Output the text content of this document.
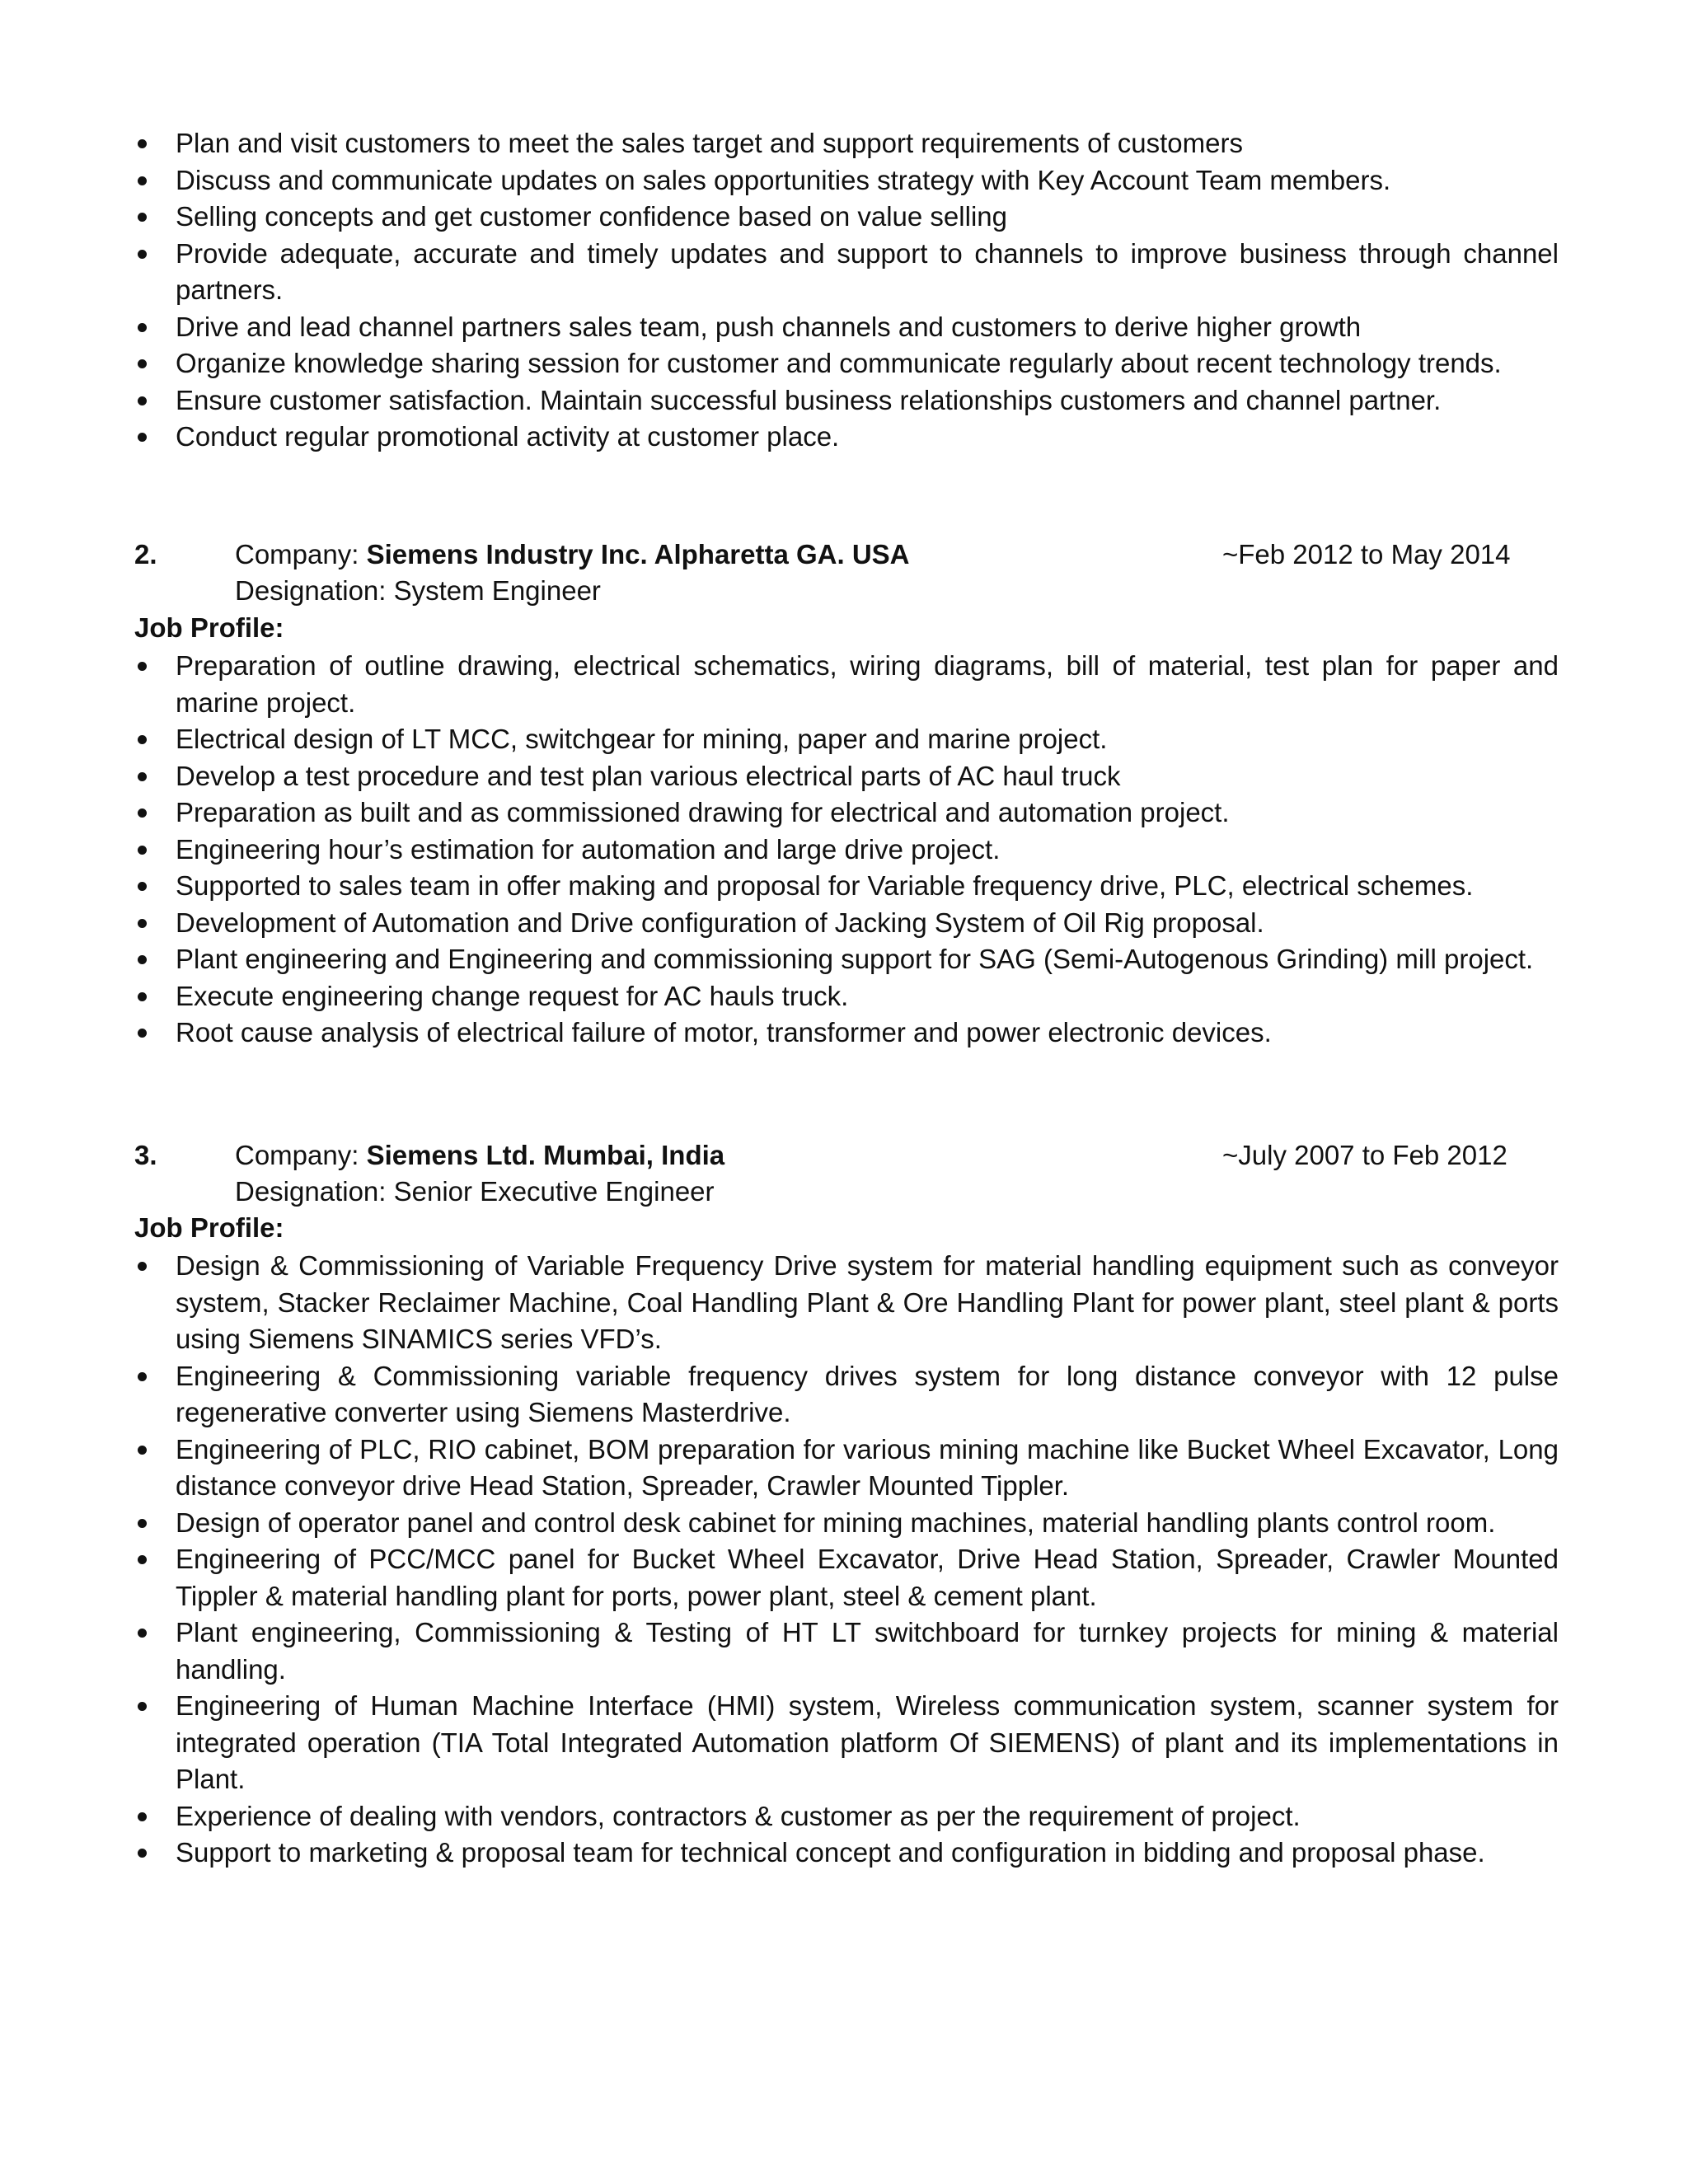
Plan and visit customers to meet the sales target and support requirements of customers
Discuss and communicate updates on sales opportunities strategy with Key Account Team members.
Selling concepts and get customer confidence based on value selling
Provide adequate, accurate and timely updates and support to channels to improve business through channel partners.
Drive and lead channel partners sales team, push channels and customers to derive higher growth
Organize knowledge sharing session for customer and communicate regularly about recent technology trends.
Ensure customer satisfaction. Maintain successful business relationships customers and channel partner.
Conduct regular promotional activity at customer place.
2.	Company: Siemens Industry Inc. Alpharetta GA. USA	~Feb 2012 to May 2014
Designation: System Engineer
Job Profile:
Preparation of outline drawing, electrical schematics, wiring diagrams, bill of material, test plan for paper and marine project.
Electrical design of LT MCC, switchgear for mining, paper and marine project.
Develop a test procedure and test plan various electrical parts of AC haul truck
Preparation as built and as commissioned drawing for electrical and automation project.
Engineering hour’s estimation for automation and large drive project.
Supported to sales team in offer making and proposal for Variable frequency drive, PLC, electrical schemes.
Development of Automation and Drive configuration of Jacking System of Oil Rig proposal.
Plant engineering and Engineering and commissioning support for SAG (Semi-Autogenous Grinding) mill project.
Execute engineering change request for AC hauls truck.
Root cause analysis of electrical failure of motor, transformer and power electronic devices.
3.	Company: Siemens Ltd. Mumbai, India	~July 2007 to Feb 2012
Designation: Senior Executive Engineer
Job Profile:
Design & Commissioning of Variable Frequency Drive system for material handling equipment such as conveyor system, Stacker Reclaimer Machine, Coal Handling Plant & Ore Handling Plant for power plant, steel plant & ports using Siemens SINAMICS series VFD’s.
Engineering & Commissioning variable frequency drives system for long distance conveyor with 12 pulse regenerative converter using Siemens Masterdrive.
Engineering of PLC, RIO cabinet, BOM preparation for various mining machine like Bucket Wheel Excavator, Long distance conveyor drive Head Station, Spreader, Crawler Mounted Tippler.
Design of operator panel and control desk cabinet for mining machines, material handling plants control room.
Engineering of PCC/MCC panel for Bucket Wheel Excavator, Drive Head Station, Spreader, Crawler Mounted Tippler & material handling plant for ports, power plant, steel & cement plant.
Plant engineering, Commissioning & Testing of HT LT switchboard for turnkey projects for mining & material handling.
Engineering of Human Machine Interface (HMI) system, Wireless communication system, scanner system for integrated operation (TIA Total Integrated Automation platform Of SIEMENS) of plant and its implementations in Plant.
Experience of dealing with vendors, contractors & customer as per the requirement of project.
Support to marketing & proposal team for technical concept and configuration in bidding and proposal phase.
